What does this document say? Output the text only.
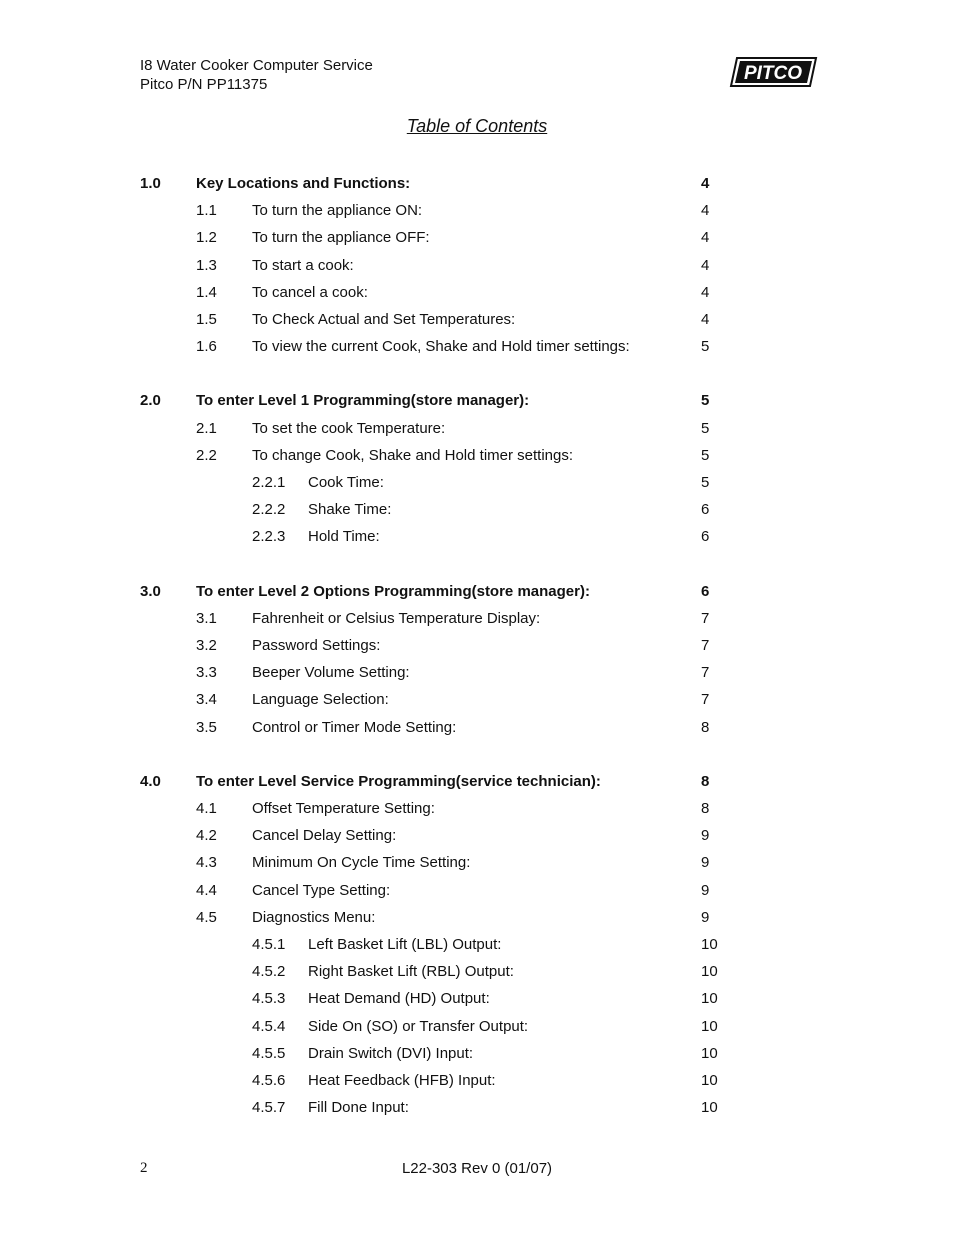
I8 Water Cooker Computer Service
Pitco P/N PP11375
PITCO
Table of Contents
1.0 Key Locations and Functions:	4
1.1 To turn the appliance ON:	4
1.2 To turn the appliance OFF:	4
1.3 To start a cook:	4
1.4 To cancel a cook:	4
1.5 To Check Actual and Set Temperatures:	4
1.6 To view the current Cook, Shake and Hold timer settings:	5
2.0 To enter Level 1 Programming(store manager):	5
2.1 To set the cook Temperature:	5
2.2 To change Cook, Shake and Hold timer settings:	5
2.2.1 Cook Time:	5
2.2.2 Shake Time:	6
2.2.3 Hold Time:	6
3.0 To enter Level 2 Options Programming(store manager):	6
3.1 Fahrenheit or Celsius Temperature Display:	7
3.2 Password Settings:	7
3.3 Beeper Volume Setting:	7
3.4 Language Selection:	7
3.5 Control or Timer Mode Setting:	8
4.0 To enter Level Service Programming(service technician):	8
4.1 Offset Temperature Setting:	8
4.2 Cancel Delay Setting:	9
4.3 Minimum On Cycle Time Setting:	9
4.4 Cancel Type Setting:	9
4.5 Diagnostics Menu:	9
4.5.1 Left Basket Lift (LBL) Output:	10
4.5.2 Right Basket Lift (RBL) Output:	10
4.5.3 Heat Demand (HD) Output:	10
4.5.4 Side On (SO) or Transfer Output:	10
4.5.5 Drain Switch (DVI) Input:	10
4.5.6 Heat Feedback (HFB) Input:	10
4.5.7 Fill Done Input:	10
2	L22-303 Rev 0 (01/07)
